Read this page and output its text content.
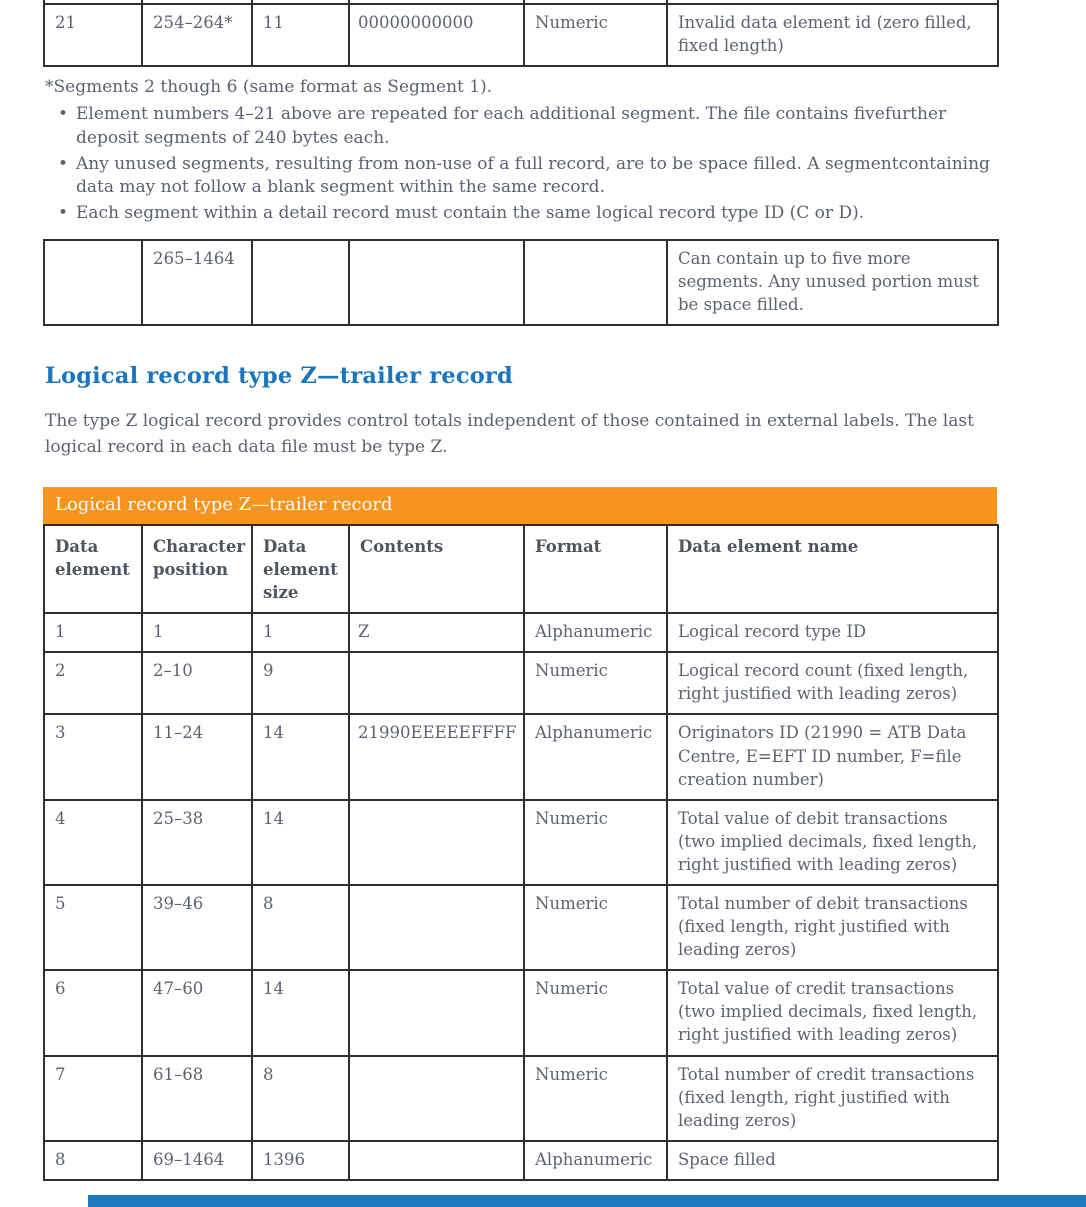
21	254–264*	11	00000000000	Numeric	Invalid data element id (zero filled, fixed length)
*Segments 2 though 6 (same format as Segment 1).
• Element numbers 4–21 above are repeated for each additional segment. The file contains fivefurther deposit segments of 240 bytes each.
• Any unused segments, resulting from non-use of a full record, are to be space filled. A segmentcontaining data may not follow a blank segment within the same record.
• Each segment within a detail record must contain the same logical record type ID (C or D).
	265–1464				Can contain up to five more segments. Any unused portion must be space filled.
Logical record type Z—trailer record

The type Z logical record provides control totals independent of those contained in external labels. The last logical record in each data file must be type Z.

Logical record type Z—trailer record
Data element	Character position	Data element size	Contents	Format	Data element name
1	1	1	Z	Alphanumeric	Logical record type ID
2	2–10	9		Numeric	Logical record count (fixed length, right justified with leading zeros)
3	11–24	14	21990EEEEEFFFF	Alphanumeric	Originators ID (21990 = ATB Data Centre, E=EFT ID number, F=file creation number)
4	25–38	14		Numeric	Total value of debit transactions (two implied decimals, fixed length, right justified with leading zeros)
5	39–46	8		Numeric	Total number of debit transactions (fixed length, right justified with leading zeros)
6	47–60	14		Numeric	Total value of credit transactions (two implied decimals, fixed length, right justified with leading zeros)
7	61–68	8		Numeric	Total number of credit transactions (fixed length, right justified with leading zeros)
8	69–1464	1396		Alphanumeric	Space filled
